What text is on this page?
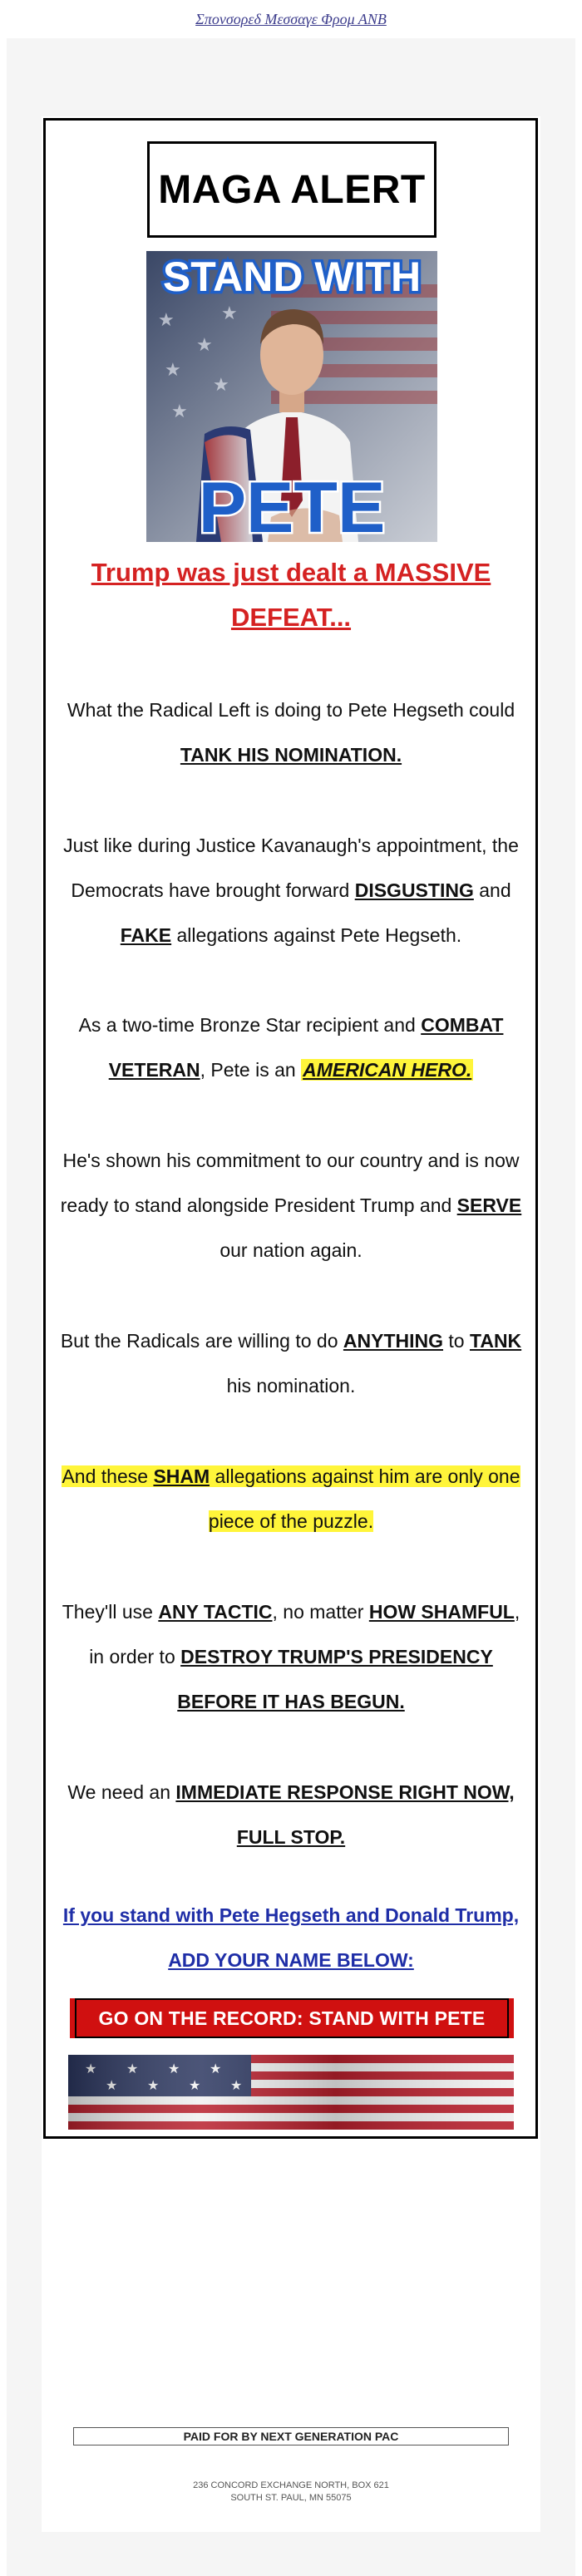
Σπονσορεδ Μεσσαγε Φρομ ΑΝΒ
MAGA ALERT
★
★
★
★
★
★
STAND WITH
PETE
Trump was just dealt a MASSIVE DEFEAT...
What the Radical Left is doing to Pete Hegseth could TANK HIS NOMINATION.
Just like during Justice Kavanaugh's appointment, the Democrats have brought forward DISGUSTING and FAKE allegations against Pete Hegseth.
As a two-time Bronze Star recipient and COMBAT VETERAN, Pete is an AMERICAN HERO.
He's shown his commitment to our country and is now ready to stand alongside President Trump and SERVE our nation again.
But the Radicals are willing to do ANYTHING to TANK his nomination.
And these SHAM allegations against him are only one piece of the puzzle.
They'll use ANY TACTIC, no matter HOW SHAMFUL, in order to DESTROY TRUMP'S PRESIDENCY BEFORE IT HAS BEGUN.
We need an IMMEDIATE RESPONSE RIGHT NOW, FULL STOP.
If you stand with Pete Hegseth and Donald Trump, ADD YOUR NAME BELOW:
GO ON THE RECORD: STAND WITH PETE
PAID FOR BY NEXT GENERATION PAC
236 CONCORD EXCHANGE NORTH, BOX 621
SOUTH ST. PAUL, MN 55075
